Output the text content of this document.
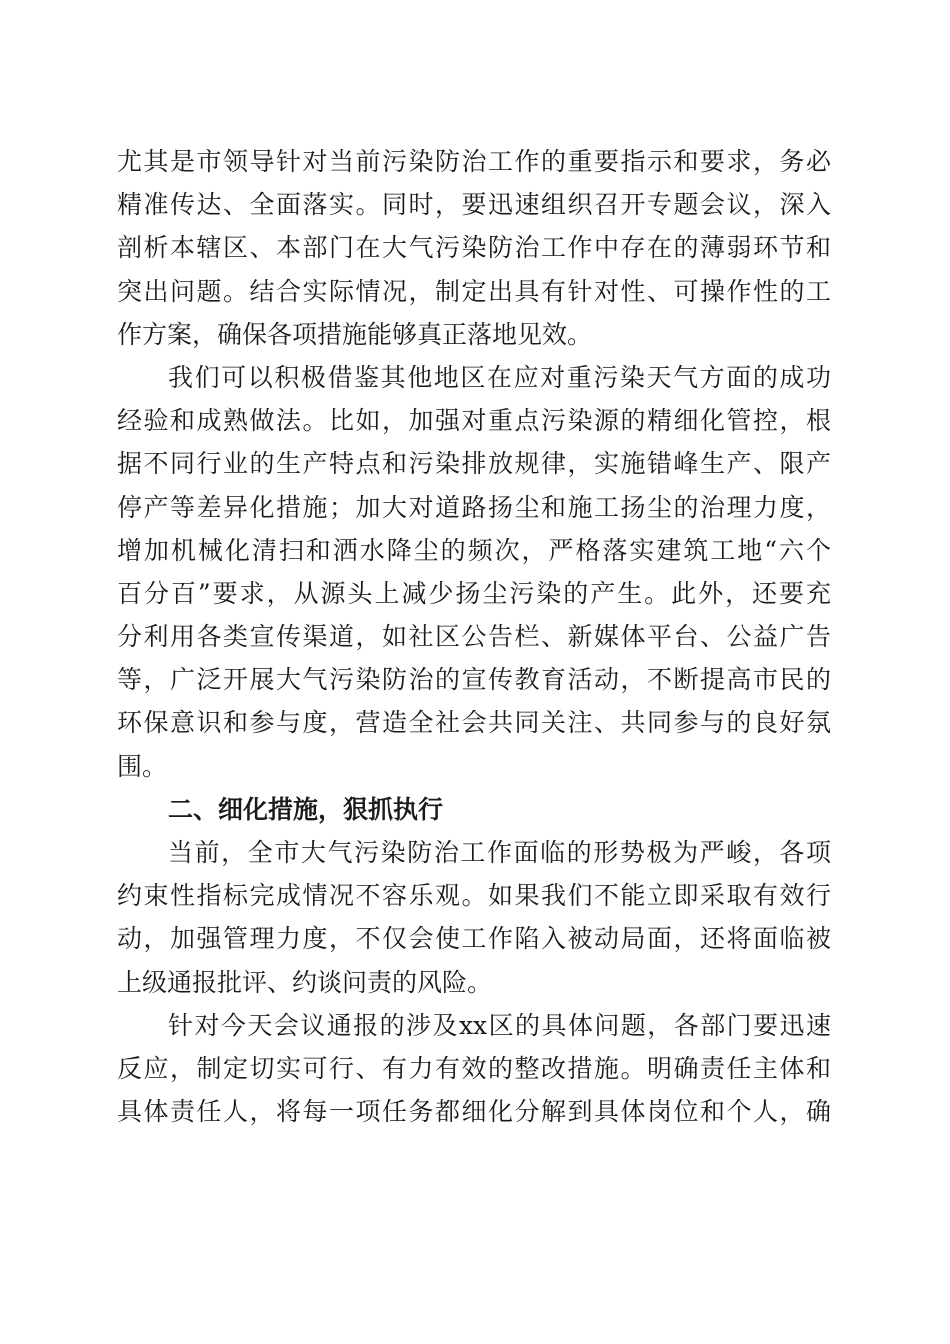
尤其是市领导针对当前污染防治工作的重要指示和要求，务必
精准传达、全面落实。同时，要迅速组织召开专题会议，深入
剖析本辖区、本部门在大气污染防治工作中存在的薄弱环节和
突出问题。结合实际情况，制定出具有针对性、可操作性的工
作方案，确保各项措施能够真正落地见效。
我们可以积极借鉴其他地区在应对重污染天气方面的成功
经验和成熟做法。比如，加强对重点污染源的精细化管控，根
据不同行业的生产特点和污染排放规律，实施错峰生产、限产
停产等差异化措施；加大对道路扬尘和施工扬尘的治理力度，
增加机械化清扫和洒水降尘的频次，严格落实建筑工地“六个
百分百”要求，从源头上减少扬尘污染的产生。此外，还要充
分利用各类宣传渠道，如社区公告栏、新媒体平台、公益广告
等，广泛开展大气污染防治的宣传教育活动，不断提高市民的
环保意识和参与度，营造全社会共同关注、共同参与的良好氛
围。
二、细化措施，狠抓执行
当前，全市大气污染防治工作面临的形势极为严峻，各项
约束性指标完成情况不容乐观。如果我们不能立即采取有效行
动，加强管理力度，不仅会使工作陷入被动局面，还将面临被
上级通报批评、约谈问责的风险。
针对今天会议通报的涉及xx区的具体问题，各部门要迅速
反应，制定切实可行、有力有效的整改措施。明确责任主体和
具体责任人，将每一项任务都细化分解到具体岗位和个人，确
